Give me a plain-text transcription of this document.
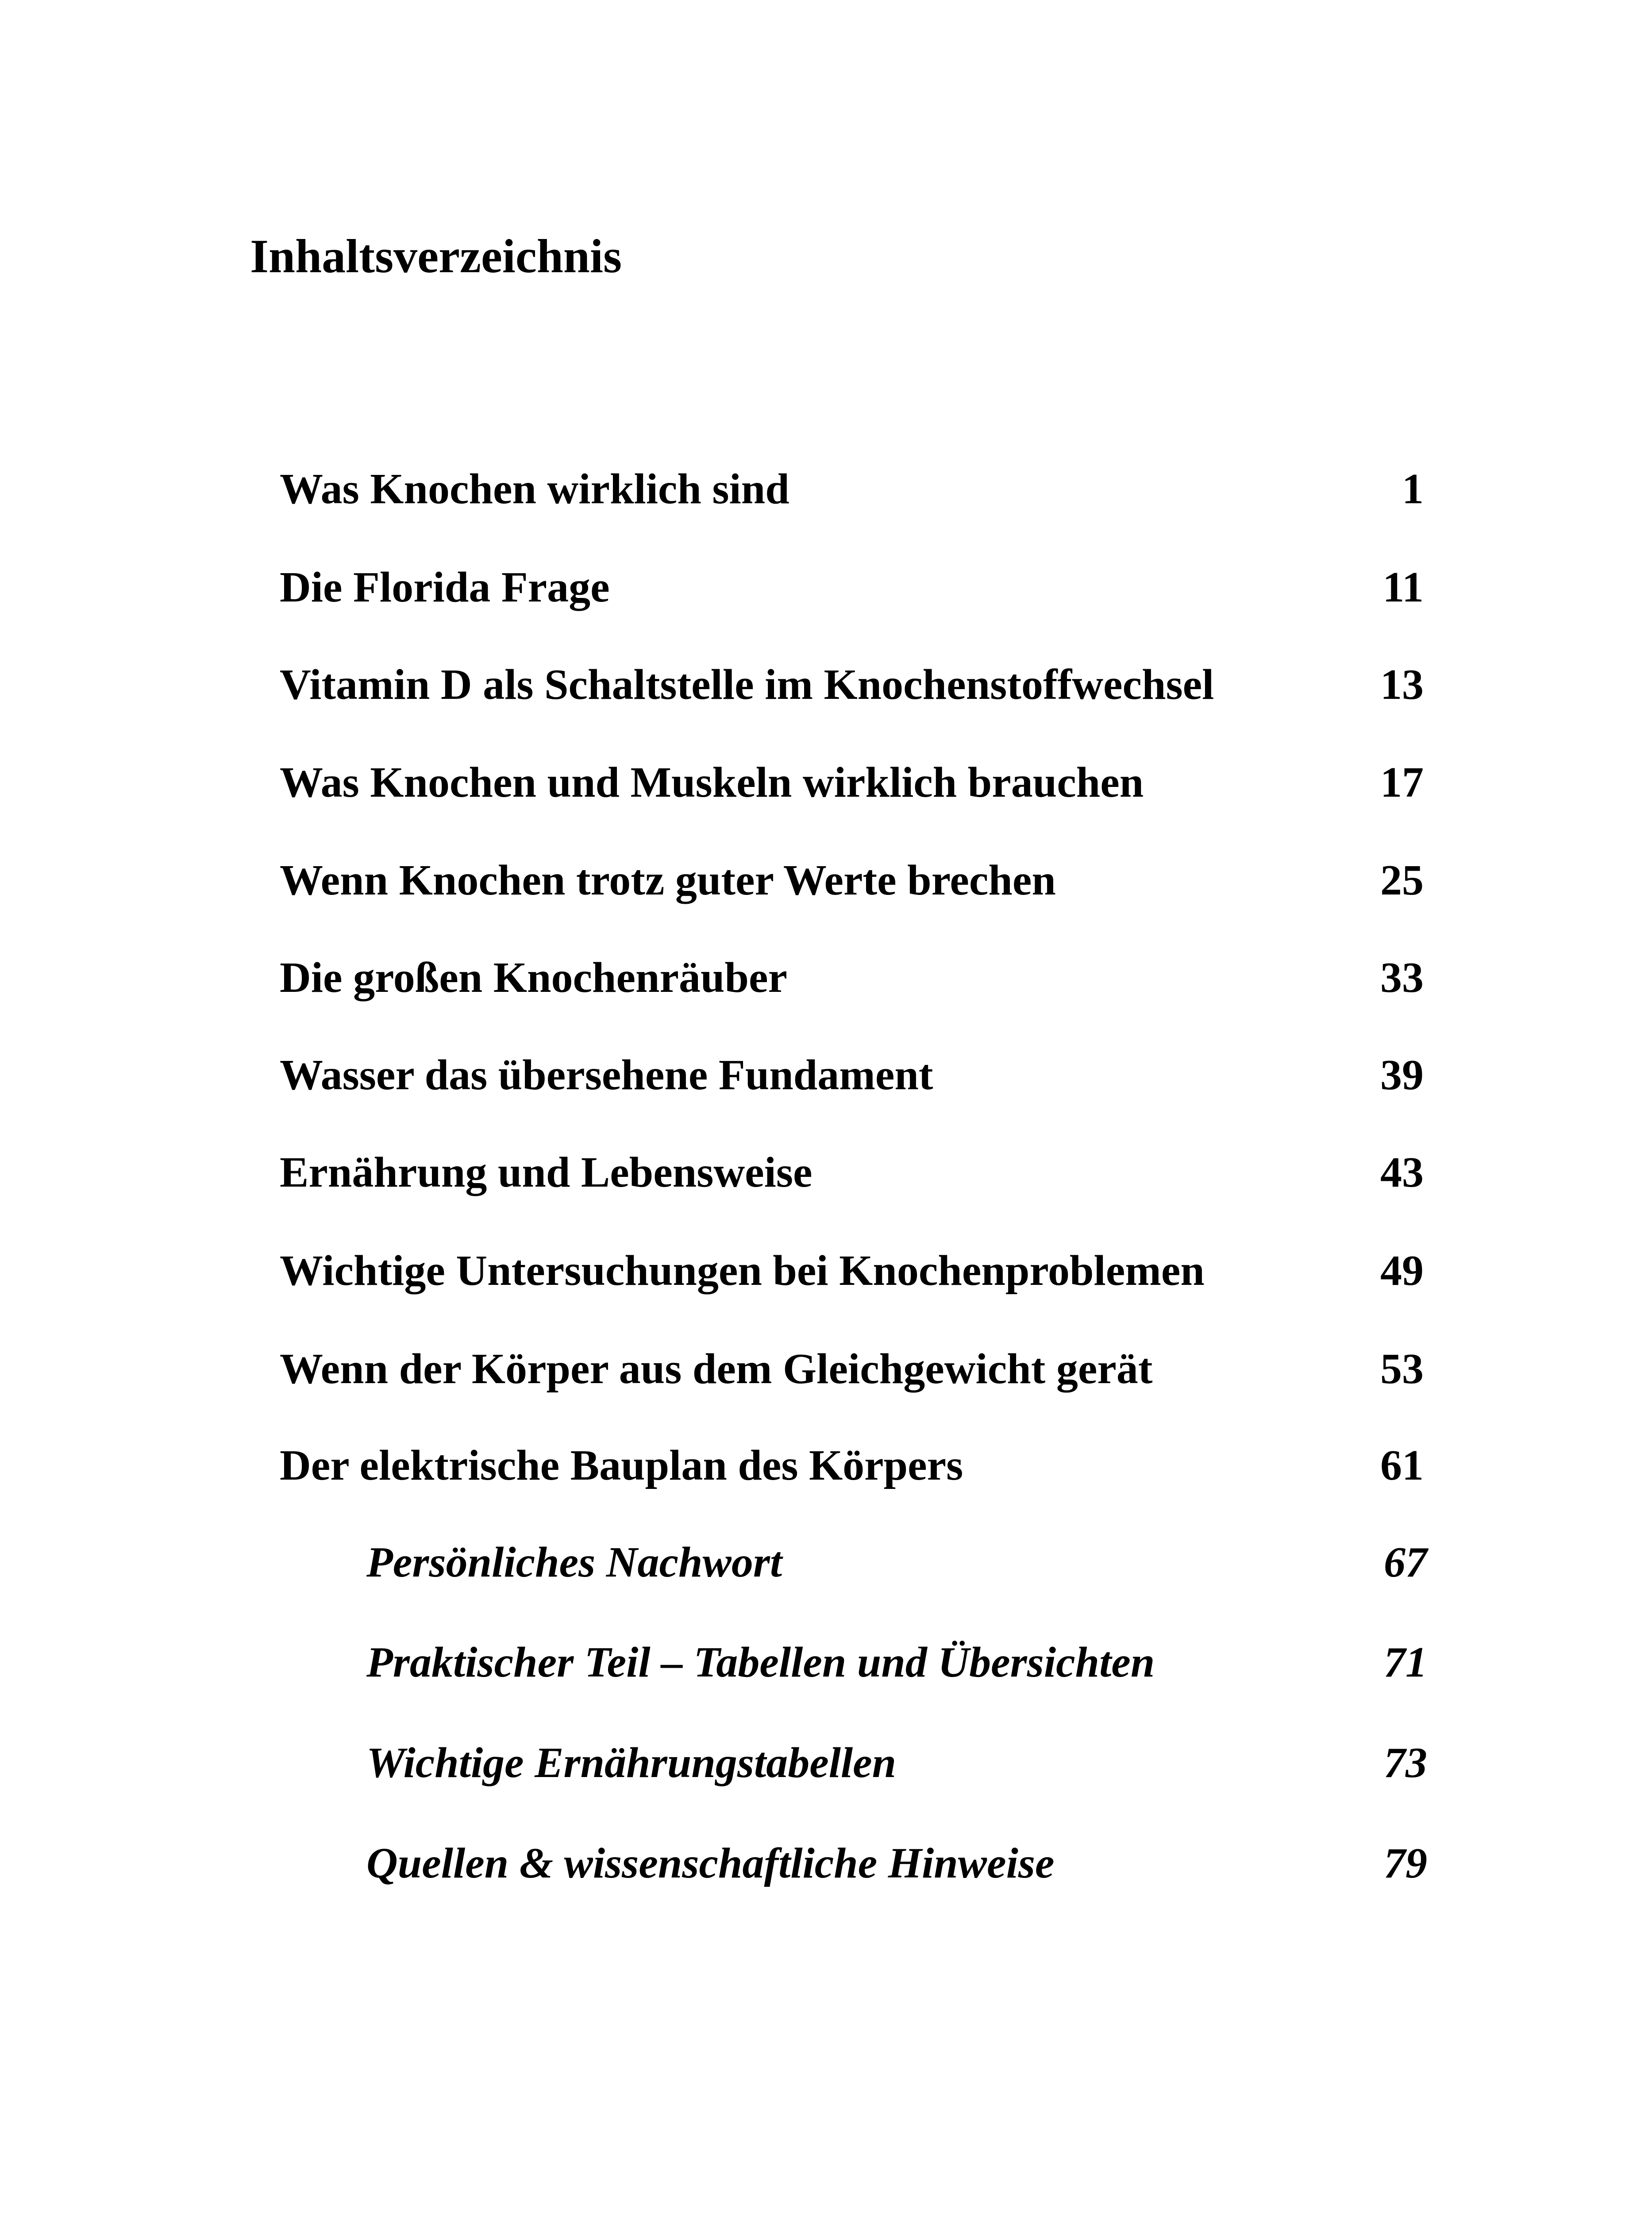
Inhaltsverzeichnis
Was Knochen wirklich sind	1
Die Florida Frage	11
Vitamin D als Schaltstelle im Knochenstoffwechsel	13
Was Knochen und Muskeln wirklich brauchen	17
Wenn Knochen trotz guter Werte brechen	25
Die großen Knochenräuber	33
Wasser das übersehene Fundament	39
Ernährung und Lebensweise	43
Wichtige Untersuchungen bei Knochenproblemen	49
Wenn der Körper aus dem Gleichgewicht gerät	53
Der elektrische Bauplan des Körpers	61
Persönliches Nachwort	67
Praktischer Teil – Tabellen und Übersichten	71
Wichtige Ernährungstabellen	73
Quellen & wissenschaftliche Hinweise	79
